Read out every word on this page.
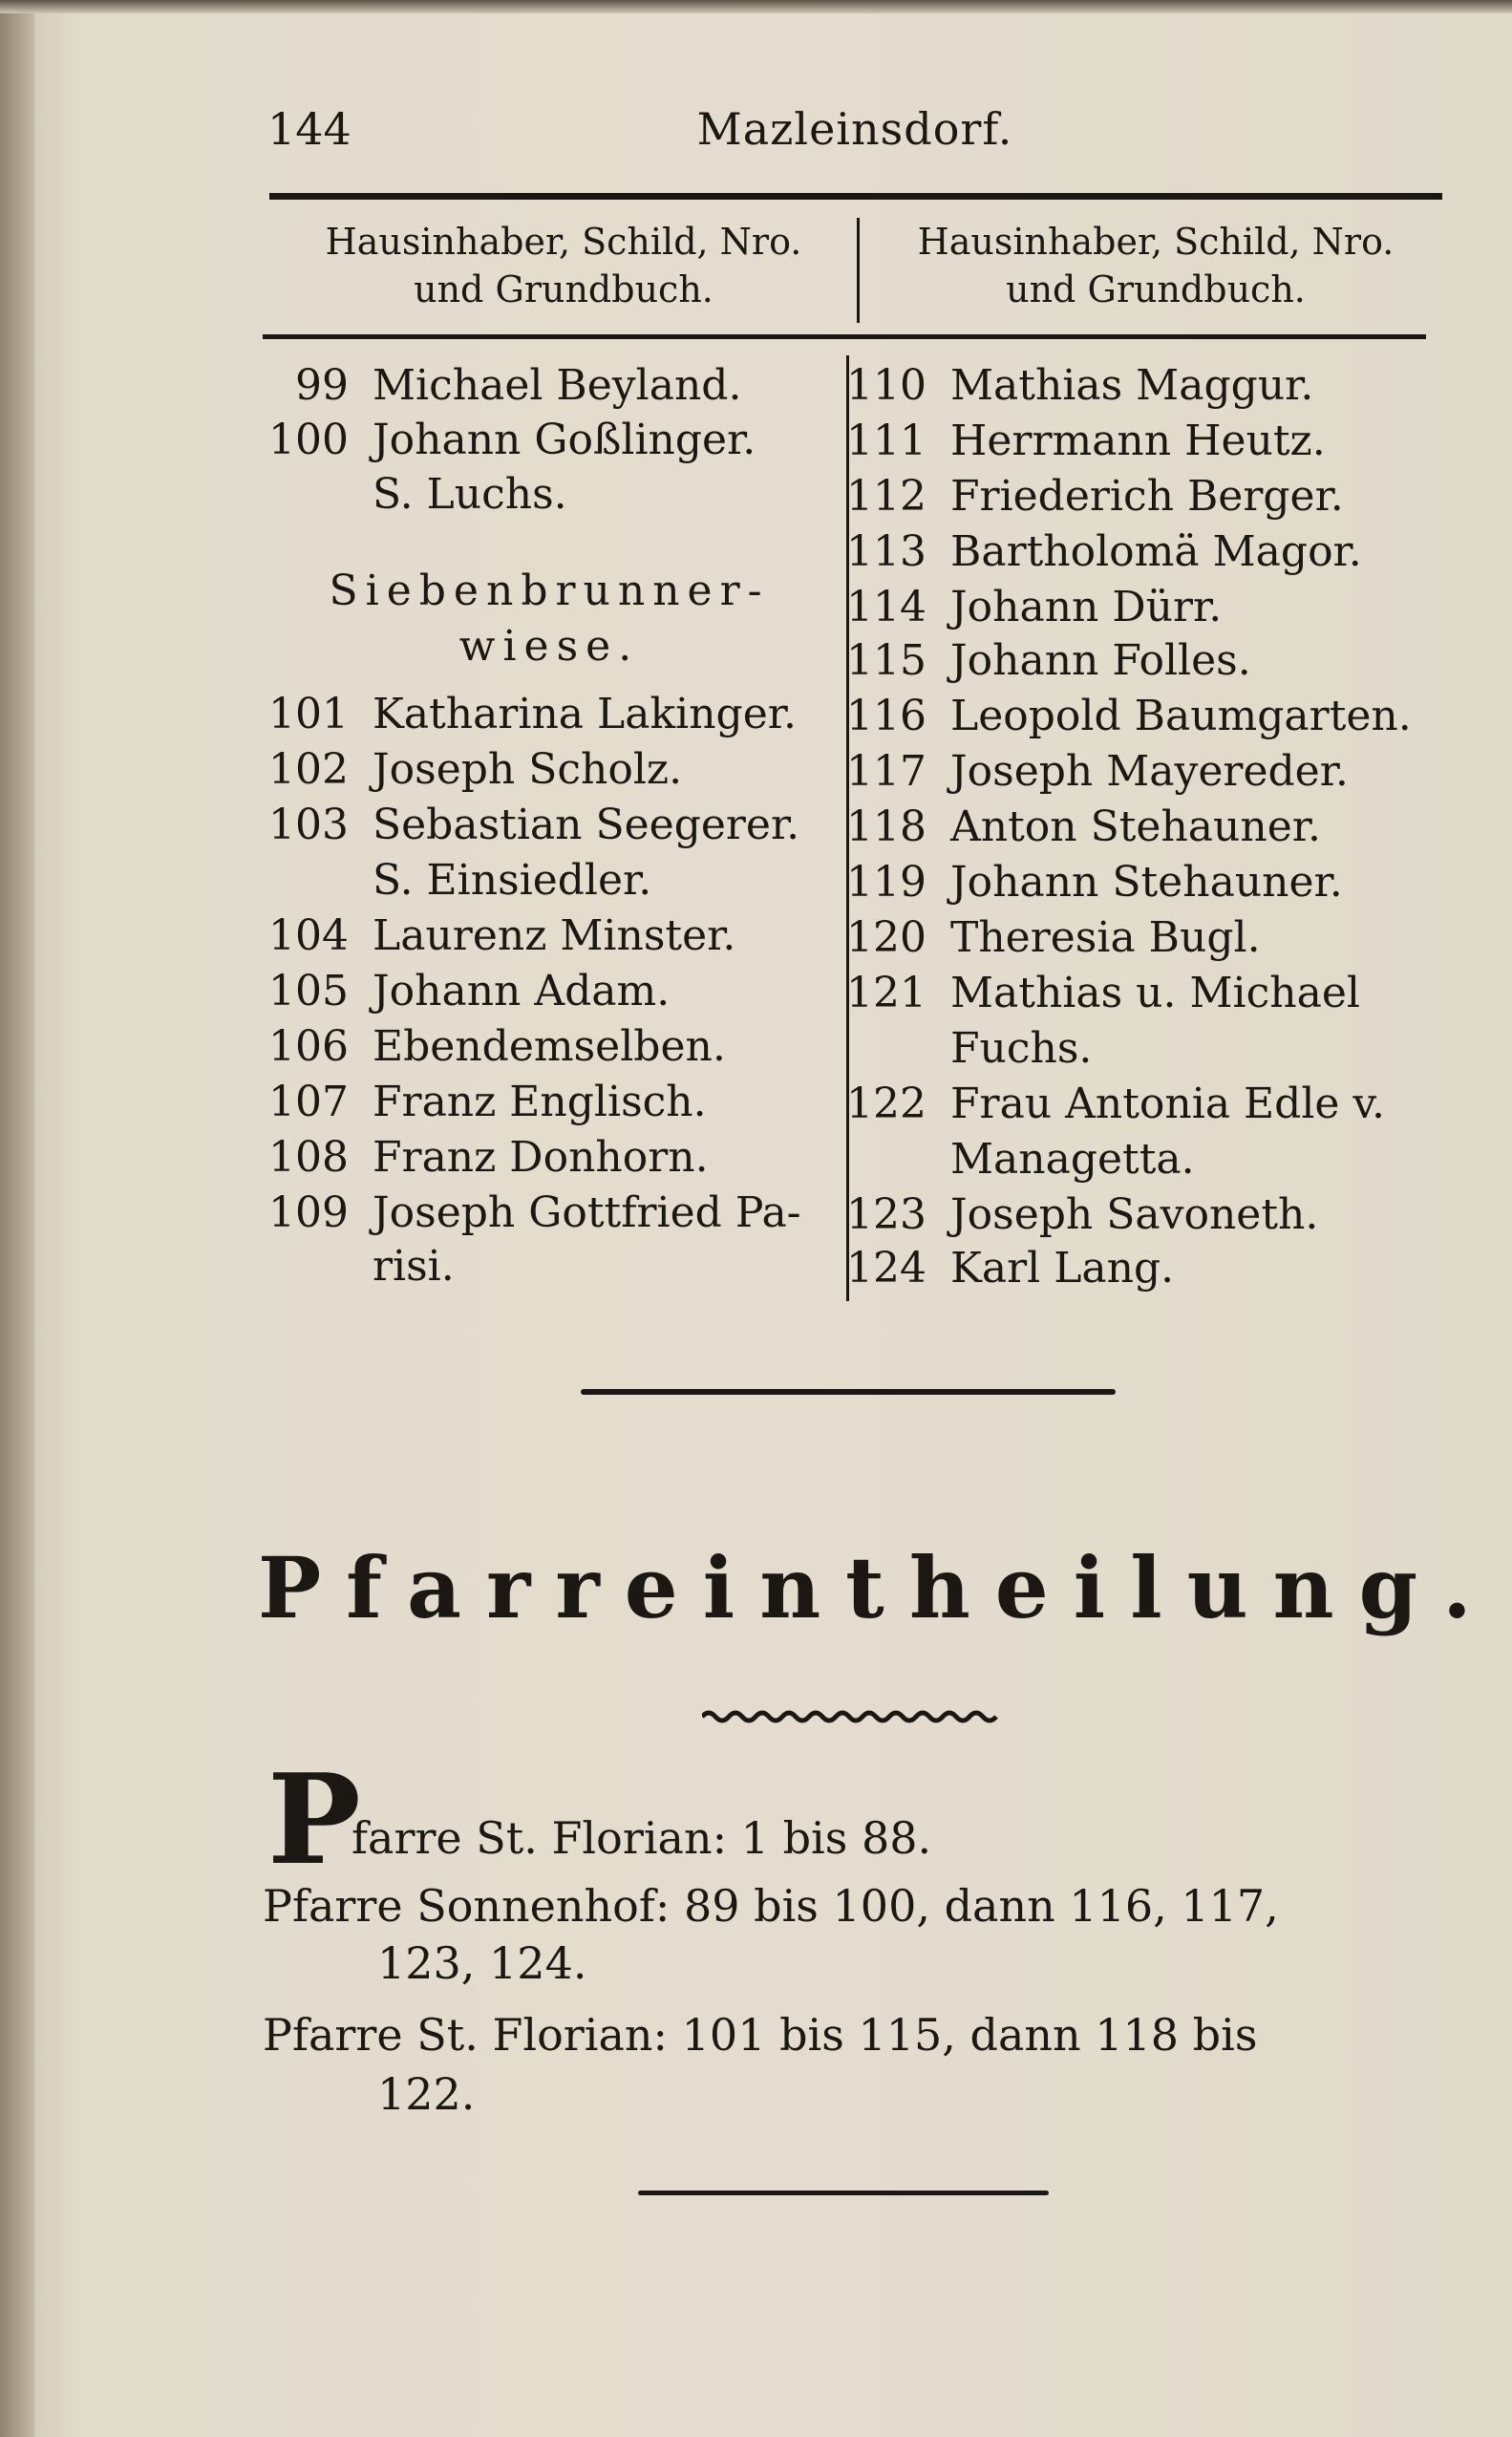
144	Mazleinsdorf.
Hausinhaber, Schild, Nro.
und Grundbuch.
Hausinhaber, Schild, Nro.
und Grundbuch.
99 Michael Beyland.
100 Johann Goßlinger.
S. Luchs.
Siebenbrunner-
wiese.
101 Katharina Lakinger.
102 Joseph Scholz.
103 Sebastian Seegerer.
S. Einsiedler.
104 Laurenz Minster.
105 Johann Adam.
106 Ebendemselben.
107 Franz Englisch.
108 Franz Donhorn.
109 Joseph Gottfried Pa-
risi.
110 Mathias Maggur.
111 Herrmann Heutz.
112 Friederich Berger.
113 Bartholomä Magor.
114 Johann Dürr.
115 Johann Folles.
116 Leopold Baumgarten.
117 Joseph Mayereder.
118 Anton Stehauner.
119 Johann Stehauner.
120 Theresia Bugl.
121 Mathias u. Michael
Fuchs.
122 Frau Antonia Edle v.
Managetta.
123 Joseph Savoneth.
124 Karl Lang.
Pfarreintheilung.
P
farre St. Florian: 1 bis 88.
Pfarre Sonnenhof: 89 bis 100, dann 116, 117,
123, 124.
Pfarre St. Florian: 101 bis 115, dann 118 bis
122.
